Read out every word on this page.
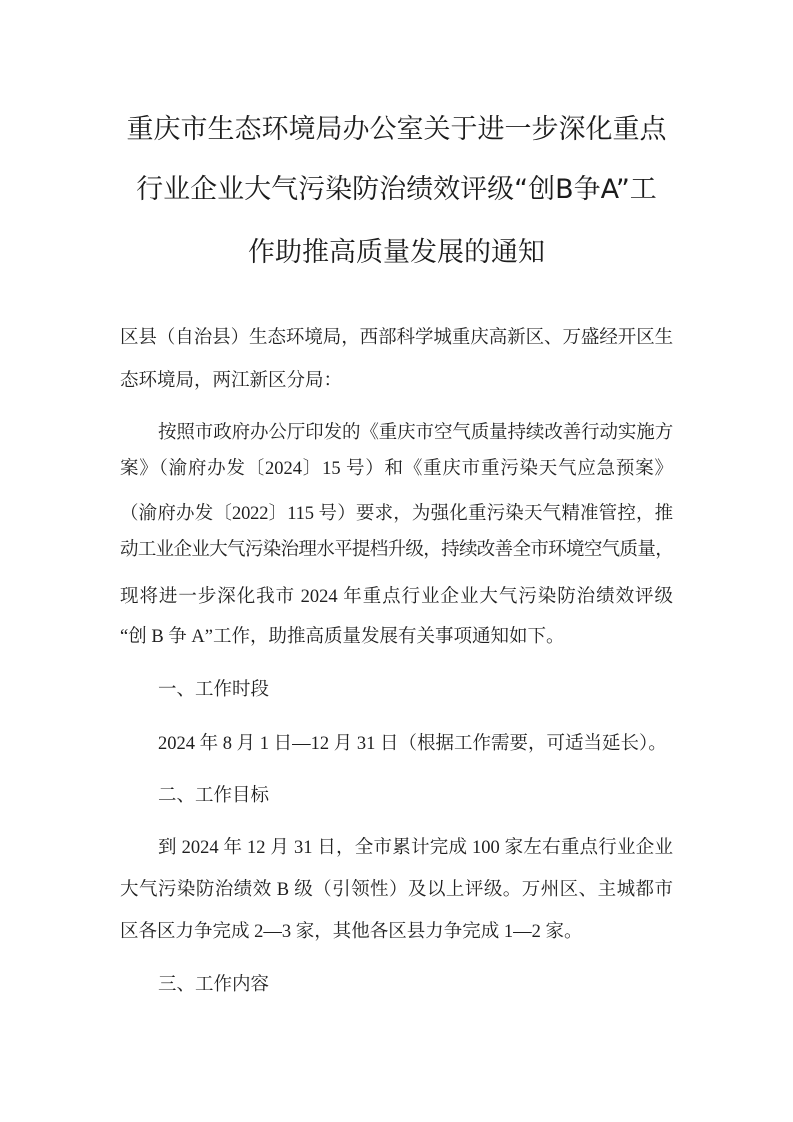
重庆市生态环境局办公室关于进一步深化重点
行业企业大气污染防治绩效评级“创B争A”工
作助推高质量发展的通知
区县（自治县）生态环境局，西部科学城重庆高新区、万盛经开区生
态环境局，两江新区分局：
按照市政府办公厅印发的《重庆市空气质量持续改善行动实施方
案》（渝府办发〔2024〕15 号）和《重庆市重污染天气应急预案》
（渝府办发〔2022〕115 号）要求，为强化重污染天气精准管控，推
动工业企业大气污染治理水平提档升级，持续改善全市环境空气质量，
现将进一步深化我市 2024 年重点行业企业大气污染防治绩效评级
“创 B 争 A”工作，助推高质量发展有关事项通知如下。
一、工作时段
2024 年 8 月 1 日—12 月 31 日（根据工作需要，可适当延长）。
二、工作目标
到 2024 年 12 月 31 日，全市累计完成 100 家左右重点行业企业
大气污染防治绩效 B 级（引领性）及以上评级。万州区、主城都市
区各区力争完成 2—3 家，其他各区县力争完成 1—2 家。
三、工作内容
